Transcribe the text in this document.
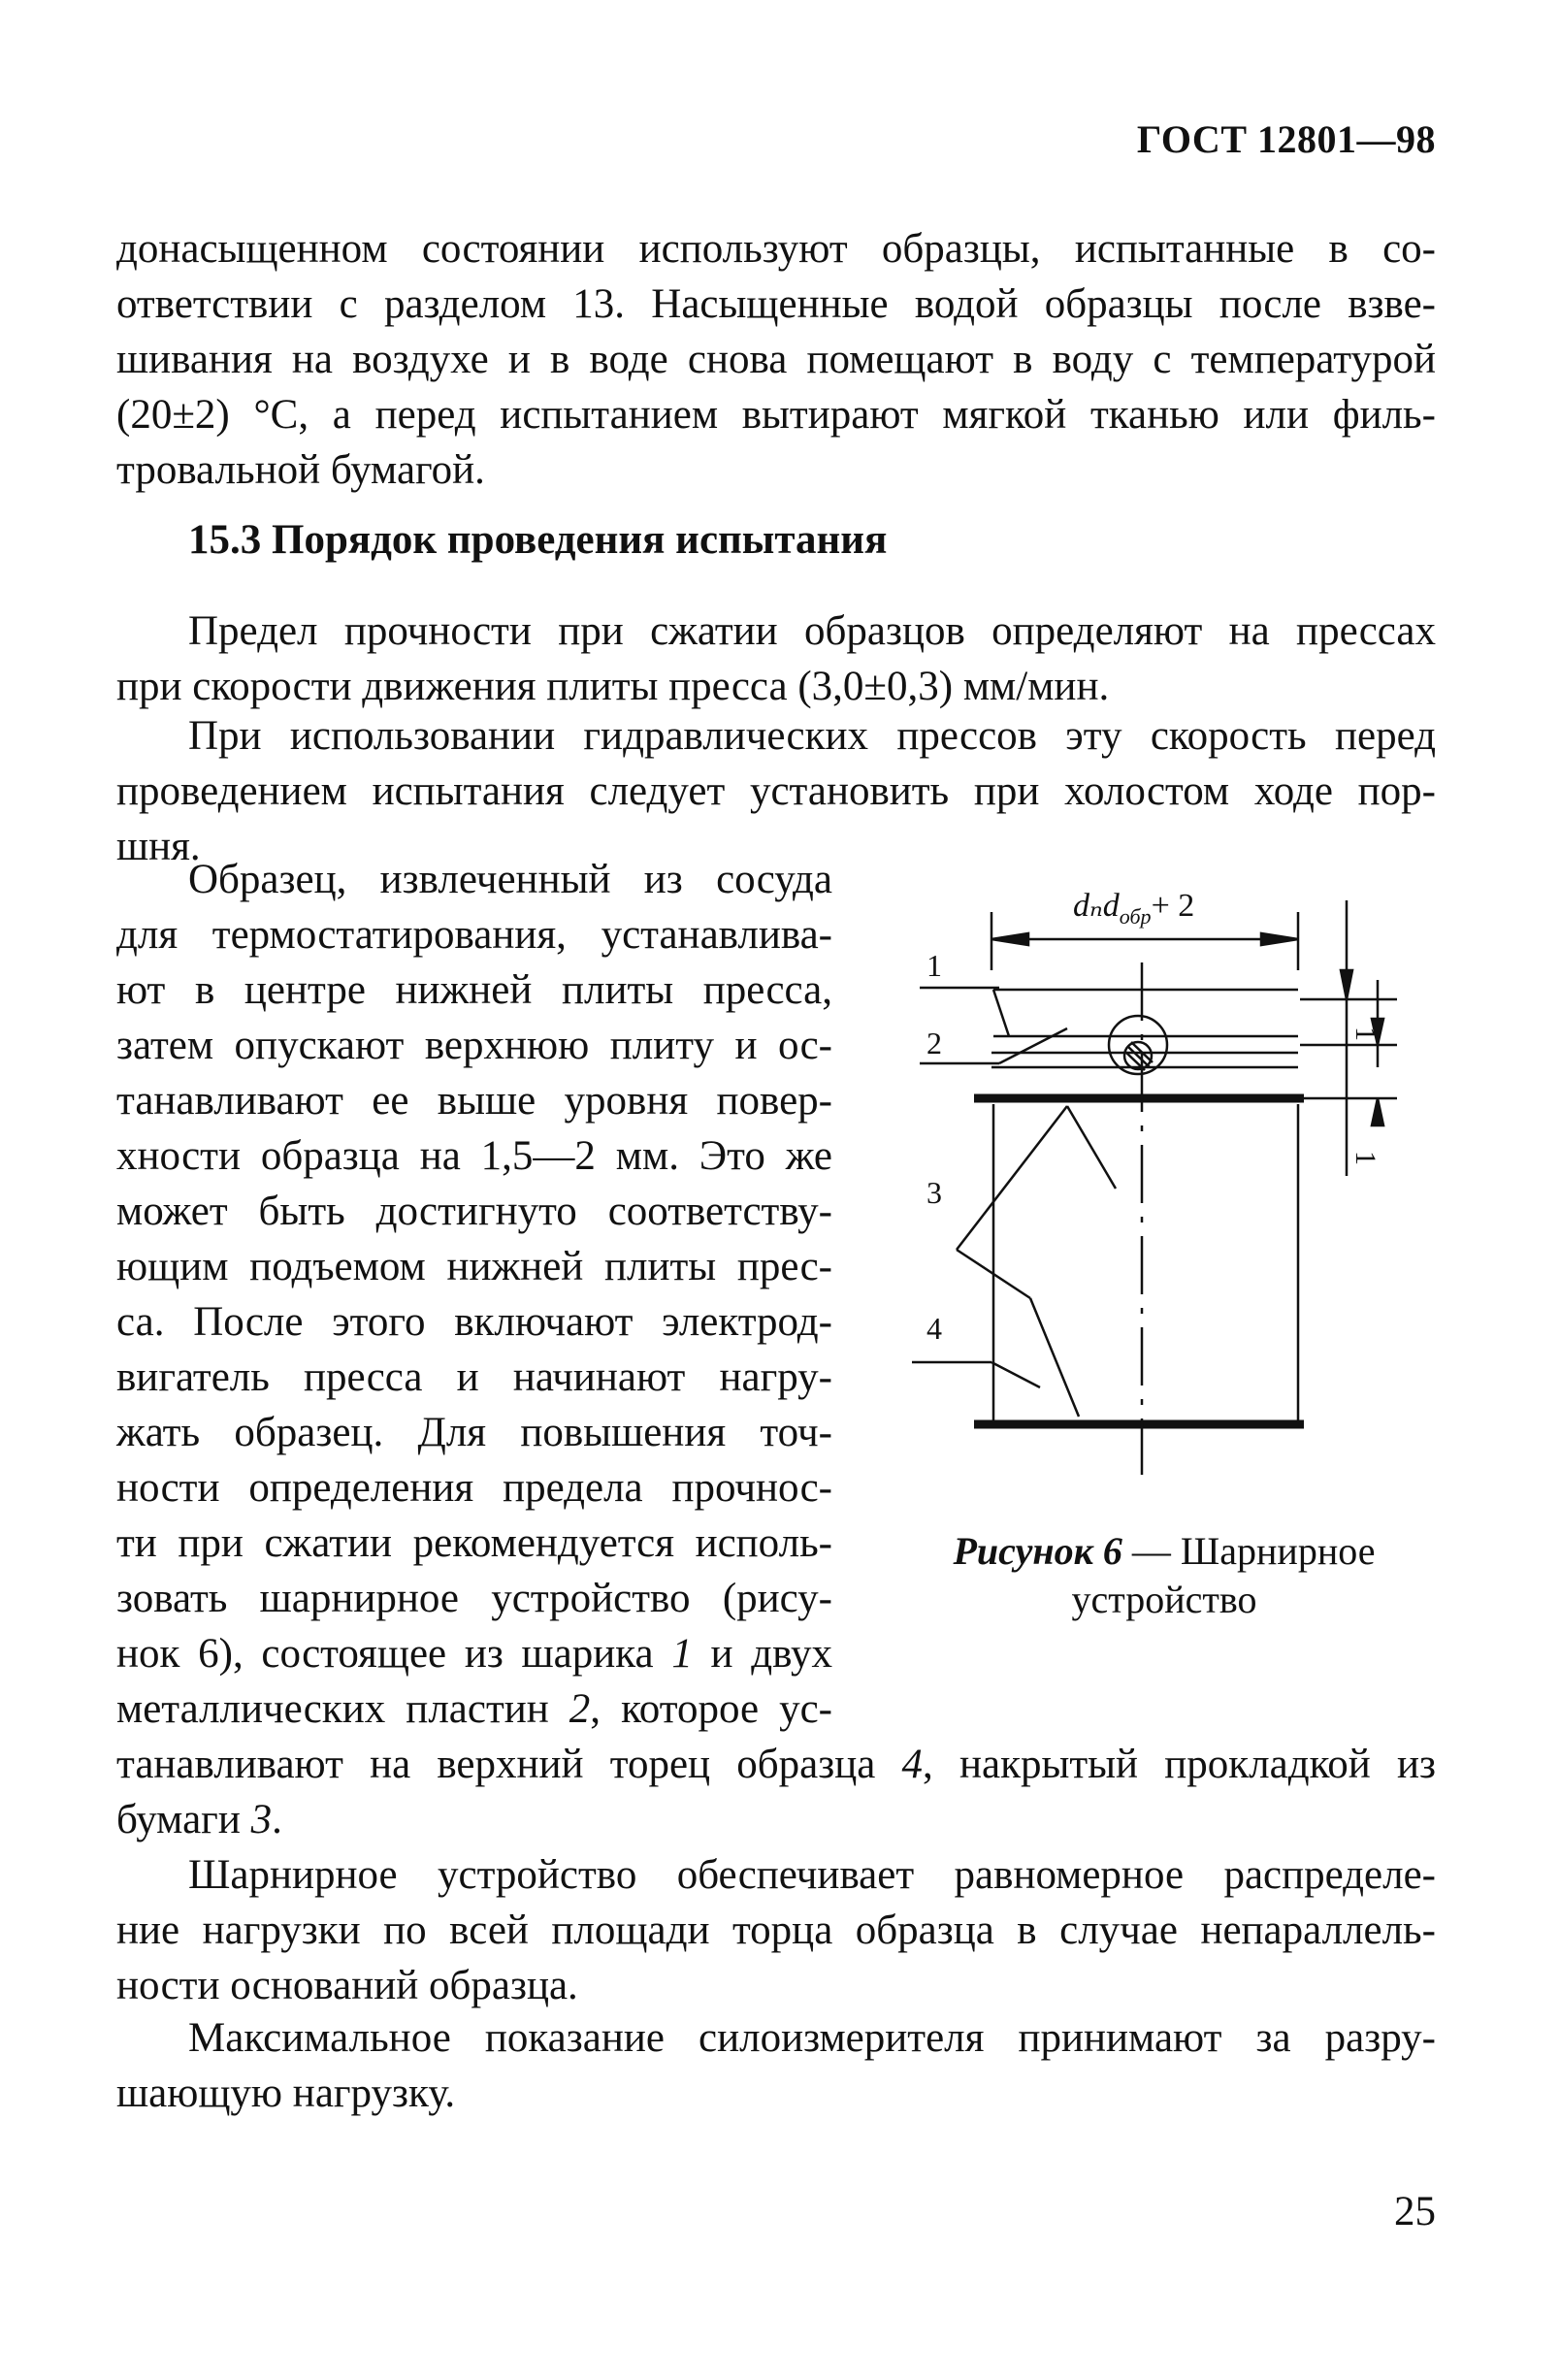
ГОСТ 12801—98
донасыщенном состоянии используют образцы, испытанные в со-
ответствии с разделом 13. Насыщенные водой образцы после взве-
шивания на воздухе и в воде снова помещают в воду с температурой
(20±2) °С, а перед испытанием вытирают мягкой тканью или филь-
тровальной бумагой.
15.3 Порядок проведения испытания
Предел прочности при сжатии образцов определяют на прессах
при скорости движения плиты пресса (3,0±0,3) мм/мин.
При использовании гидравлических прессов эту скорость перед
проведением испытания следует установить при холостом ходе пор-
шня.
Образец, извлеченный из сосуда
для термостатирования, устанавлива-
ют в центре нижней плиты пресса,
затем опускают верхнюю плиту и ос-
танавливают ее выше уровня повер-
хности образца на 1,5—2 мм. Это же
может быть достигнуто соответству-
ющим подъемом нижней плиты прес-
са. После этого включают электрод-
вигатель пресса и начинают нагру-
жать образец. Для повышения точ-
ности определения предела прочнос-
ти при сжатии рекомендуется исполь-
зовать шарнирное устройство (рису-
нок 6), состоящее из шарика 1 и двух
металлических пластин 2, которое ус-
танавливают на верхний торец образца 4, накрытый прокладкой из
бумаги 3.
dₙd$_{обр}$+ 2
1
1
1
2
3
4
Рисунок 6 — Шарнирное
устройство
Шарнирное устройство обеспечивает равномерное распределе-
ние нагрузки по всей площади торца образца в случае непараллель-
ности оснований образца.
Максимальное показание силоизмерителя принимают за разру-
шающую нагрузку.
25
